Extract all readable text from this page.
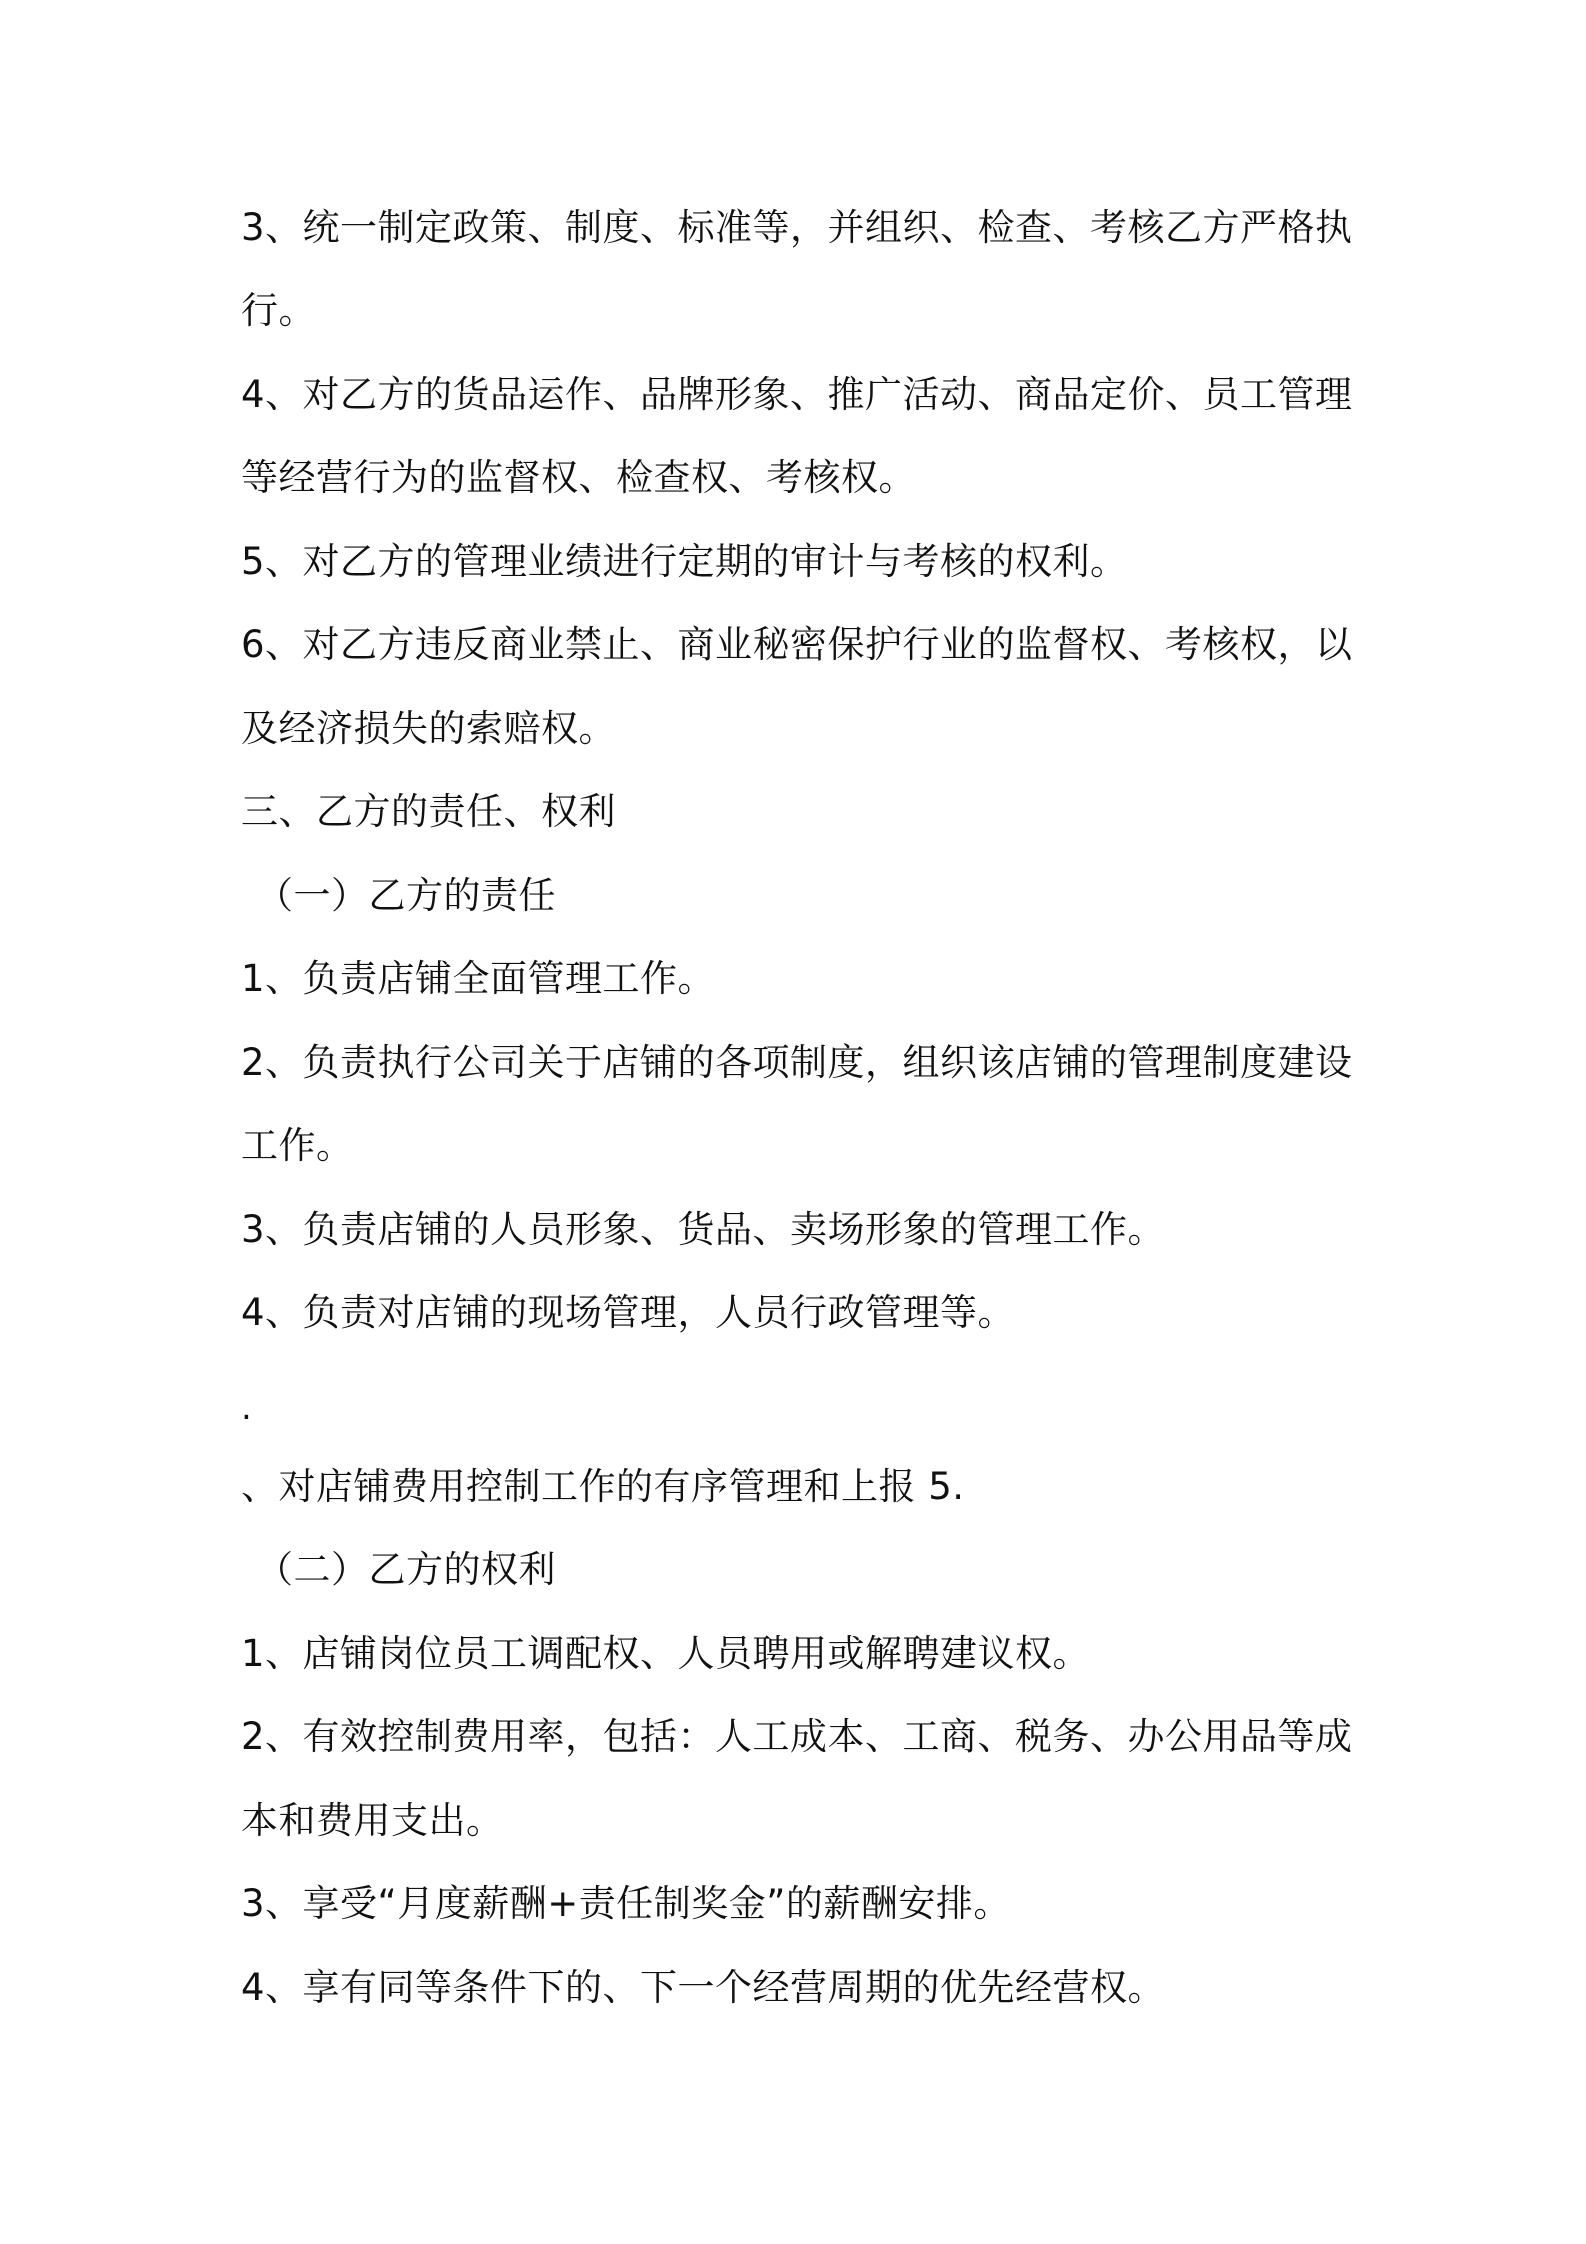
3、统一制定政策、制度、标准等，并组织、检查、考核乙方严格执
行。
4、对乙方的货品运作、品牌形象、推广活动、商品定价、员工管理
等经营行为的监督权、检查权、考核权。
5、对乙方的管理业绩进行定期的审计与考核的权利。
6、对乙方违反商业禁止、商业秘密保护行业的监督权、考核权，以
及经济损失的索赔权。
三、乙方的责任、权利
（一）乙方的责任
1、负责店铺全面管理工作。
2、负责执行公司关于店铺的各项制度，组织该店铺的管理制度建设
工作。
3、负责店铺的人员形象、货品、卖场形象的管理工作。
4、负责对店铺的现场管理，人员行政管理等。
.
、对店铺费用控制工作的有序管理和上报 5.
（二）乙方的权利
1、店铺岗位员工调配权、人员聘用或解聘建议权。
2、有效控制费用率，包括：人工成本、工商、税务、办公用品等成
本和费用支出。
3、享受“月度薪酬+责任制奖金”的薪酬安排。
4、享有同等条件下的、下一个经营周期的优先经营权。
